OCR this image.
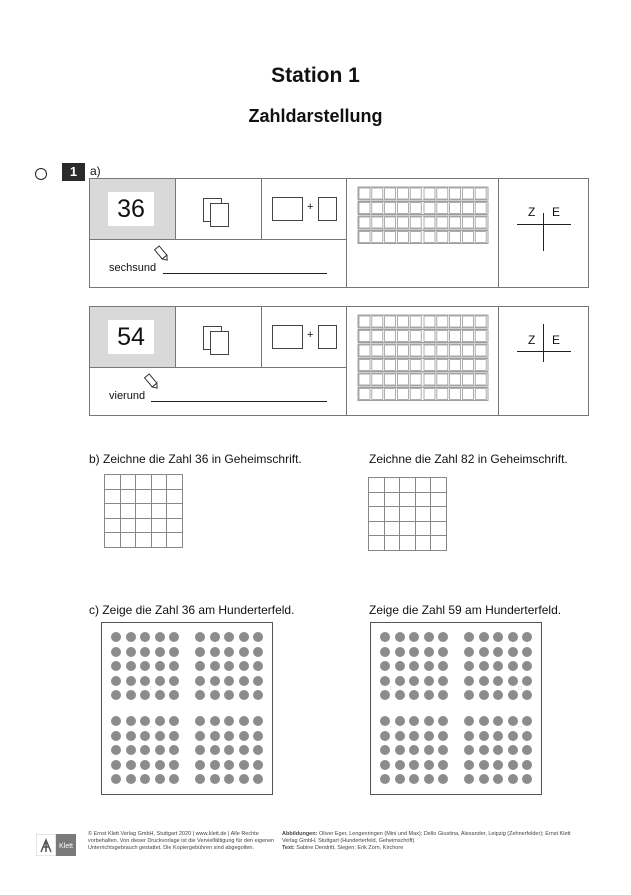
Station 1
Zahldarstellung
1	a)
36	+
sechsund
Z E
54	+
vierund
Z E
b) Zeichne die Zahl 36 in Geheimschrift.	Zeichne die Zahl 82 in Geheimschrift.

c) Zeige die Zahl 36 am Hunderterfeld.	Zeige die Zahl 59 am Hunderterfeld.
Klett
© Ernst Klett Verlag GmbH, Stuttgart 2020 | www.klett.de | Alle Rechte vorbehalten. Von dieser Druckvorlage ist die Vervielfältigung für den eigenen Unterrichtsgebrauch gestattet. Die Kopiergebühren sind abgegolten.
Abbildungen: Oliver Eger, Lengenringen (Mini und Max); Dello Giustina, Alexander, Leipzig (Zehnerfelder); Ernst Klett Verlag GmbH, Stuttgart (Hunderterfeld, Geheimschrift)
Text: Sabine Dendritt, Siegen; Erik Zorn, Kirchore
